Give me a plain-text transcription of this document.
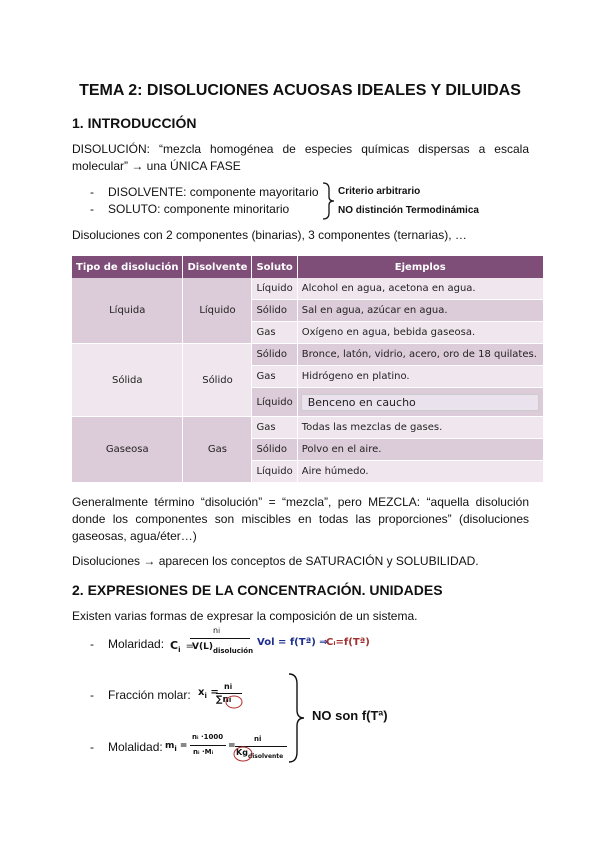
TEMA 2: DISOLUCIONES ACUOSAS IDEALES Y DILUIDAS
1. INTRODUCCIÓN

DISOLUCIÓN: “mezcla homogénea de especies químicas dispersas a escala molecular” → una ÚNICA FASE

- DISOLVENTE: componente mayoritario
- SOLUTO: componente minoritario
Criterio arbitrario
NO distinción Termodinámica

Disoluciones con 2 componentes (binarias), 3 componentes (ternarias), …

Tipo de disolución	Disolvente	Soluto	Ejemplos
Líquida	Líquido	Líquido	Alcohol en agua, acetona en agua.
		Sólido	Sal en agua, azúcar en agua.
		Gas	Oxígeno en agua, bebida gaseosa.
Sólida	Sólido	Sólido	Bronce, latón, vidrio, acero, oro de 18 quilates.
		Gas	Hidrógeno en platino.
		Líquido	Benceno en caucho
Gaseosa	Gas	Gas	Todas las mezclas de gases.
		Sólido	Polvo en el aire.
		Líquido	Aire húmedo.

Generalmente término “disolución” = “mezcla”, pero MEZCLA: “aquella disolución donde los componentes son miscibles en todas las proporciones” (disoluciones gaseosas, agua/éter…)

Disoluciones → aparecen los conceptos de SATURACIÓN y SOLUBILIDAD.

2. EXPRESIONES DE LA CONCENTRACIÓN. UNIDADES

Existen varias formas de expresar la composición de un sistema.

- Molaridad: Ci =
ni
$V(L)_{disolución}$
Vol = f(Tª) ⇒
Cᵢ=f(Tª)
- Fracción molar: $x_i$ =
ni
∑ni
NO son f(Tª)
- Molalidad: $m_i$ =
nᵢ ·1000
nᵢ ·Mᵢ
=
ni
$Kg_{disolvente}$
